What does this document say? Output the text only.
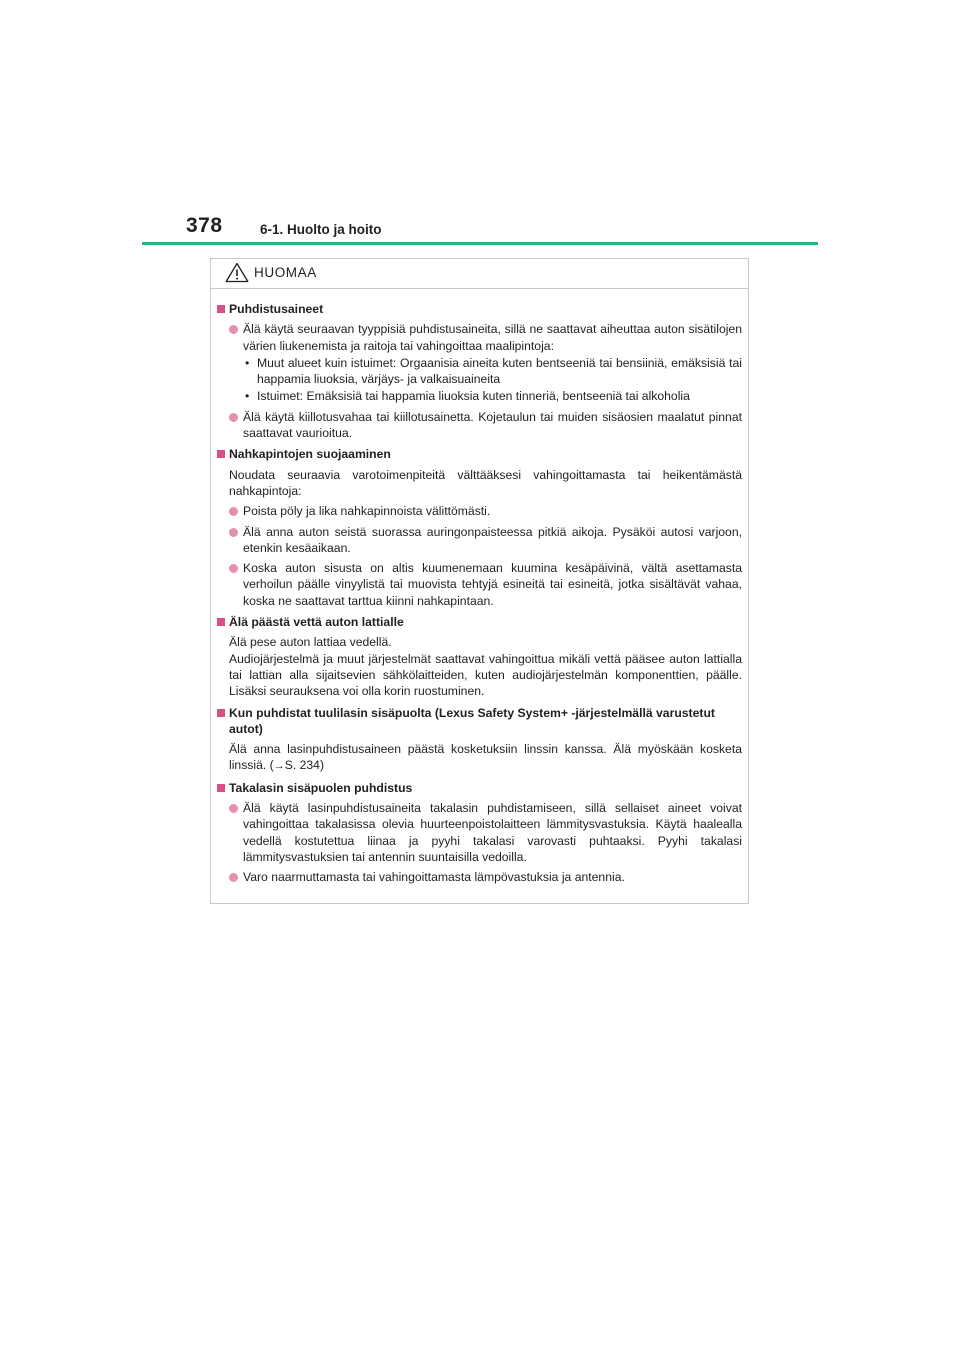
378	6-1. Huolto ja hoito
HUOMAA
Puhdistusaineet
Älä käytä seuraavan tyyppisiä puhdistusaineita, sillä ne saattavat aiheuttaa auton sisätilojen värien liukenemista ja raitoja tai vahingoittaa maalipintoja:
• Muut alueet kuin istuimet: Orgaanisia aineita kuten bentseeniä tai bensiiniä, emäksisiä tai happamia liuoksia, värjäys- ja valkaisuaineita
• Istuimet: Emäksisiä tai happamia liuoksia kuten tinneriä, bentseeniä tai alkoholia
Älä käytä kiillotusvahaa tai kiillotusainetta. Kojetaulun tai muiden sisäosien maalatut pinnat saattavat vaurioitua.
Nahkapintojen suojaaminen
Noudata seuraavia varotoimenpiteitä välttääksesi vahingoittamasta tai heikentämästä nahkapintoja:
Poista pöly ja lika nahkapinnoista välittömästi.
Älä anna auton seistä suorassa auringonpaisteessa pitkiä aikoja. Pysäköi autosi varjoon, etenkin kesäaikaan.
Koska auton sisusta on altis kuumenemaan kuumina kesäpäivinä, vältä asettamasta verhoilun päälle vinyylistä tai muovista tehtyjä esineitä tai esineitä, jotka sisältävät vahaa, koska ne saattavat tarttua kiinni nahkapintaan.
Älä päästä vettä auton lattialle
Älä pese auton lattiaa vedellä.
Audiojärjestelmä ja muut järjestelmät saattavat vahingoittua mikäli vettä pääsee auton lattialla tai lattian alla sijaitsevien sähkölaitteiden, kuten audiojärjestelmän komponenttien, päälle. Lisäksi seurauksena voi olla korin ruostuminen.
Kun puhdistat tuulilasin sisäpuolta (Lexus Safety System+ -järjestelmällä varustetut autot)
Älä anna lasinpuhdistusaineen päästä kosketuksiin linssin kanssa. Älä myöskään kosketa linssiä. (→S. 234)
Takalasin sisäpuolen puhdistus
Älä käytä lasinpuhdistusaineita takalasin puhdistamiseen, sillä sellaiset aineet voivat vahingoittaa takalasissa olevia huurteenpoistolaitteen lämmitysvastuksia. Käytä haalealla vedellä kostutettua liinaa ja pyyhi takalasi varovasti puhtaaksi. Pyyhi takalasi lämmitysvastuksien tai antennin suuntaisilla vedoilla.
Varo naarmuttamasta tai vahingoittamasta lämpövastuksia ja antennia.
